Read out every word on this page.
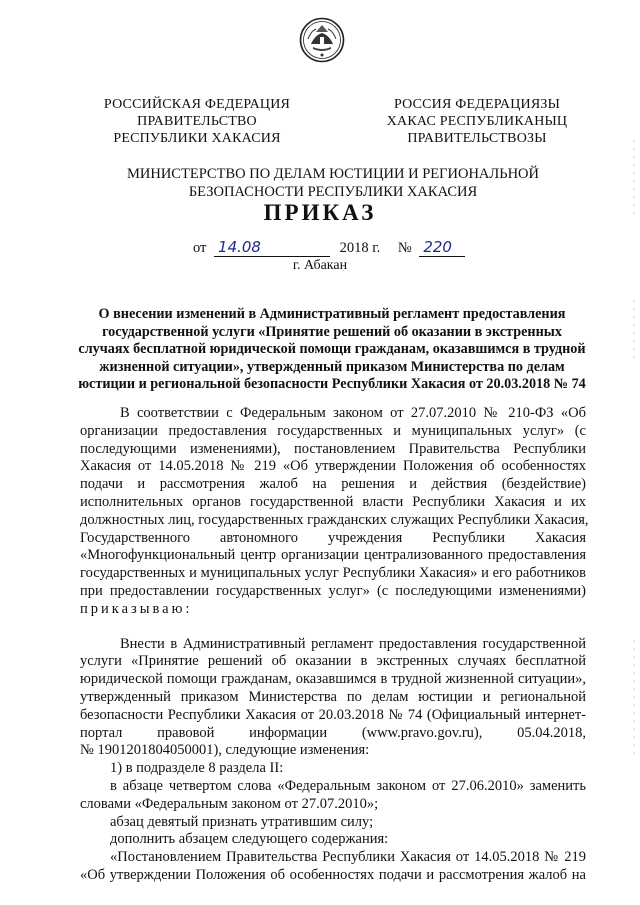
РОССИЙСКАЯ ФЕДЕРАЦИЯ
ПРАВИТЕЛЬСТВО
РЕСПУБЛИКИ ХАКАСИЯ
РОССИЯ ФЕДЕРАЦИЯЗЫ
ХАКАС РЕСПУБЛИКАНЫЦ
ПРАВИТЕЛЬСТВОЗЫ
МИНИСТЕРСТВО ПО ДЕЛАМ ЮСТИЦИИ И РЕГИОНАЛЬНОЙ
БЕЗОПАСНОСТИ РЕСПУБЛИКИ ХАКАСИЯ
ПРИКАЗ
от 14.08	2018 г. № 220
г. Абакан
О внесении изменений в Административный регламент предоставления
государственной услуги «Принятие решений об оказании в экстренных
случаях бесплатной юридической помощи гражданам, оказавшимся в трудной
жизненной ситуации», утвержденный приказом Министерства по делам
юстиции и региональной безопасности Республики Хакасия от 20.03.2018 № 74
В соответствии с Федеральным законом от 27.07.2010 № 210-ФЗ «Об
организации предоставления государственных и муниципальных услуг» (с
последующими изменениями), постановлением Правительства Республики
Хакасия от 14.05.2018 № 219 «Об утверждении Положения об особенностях
подачи и рассмотрения жалоб на решения и действия (бездействие)
исполнительных органов государственной власти Республики Хакасия и их
должностных лиц, государственных гражданских служащих Республики Хакасия,
Государственного автономного учреждения Республики Хакасия
«Многофункциональный центр организации централизованного предоставления
государственных и муниципальных услуг Республики Хакасия» и его работников
при предоставлении государственных услуг» (с последующими изменениями)
приказываю:
Внести в Административный регламент предоставления государственной
услуги «Принятие решений об оказании в экстренных случаях бесплатной
юридической помощи гражданам, оказавшимся в трудной жизненной ситуации»,
утвержденный приказом Министерства по делам юстиции и региональной
безопасности Республики Хакасия от 20.03.2018 № 74 (Официальный интернет-
портал правовой информации (www.pravo.gov.ru), 05.04.2018,
№ 1901201804050001), следующие изменения:
1) в подразделе 8 раздела II:
в абзаце четвертом слова «Федеральным законом от 27.06.2010» заменить
словами «Федеральным законом от 27.07.2010»;
абзац девятый признать утратившим силу;
дополнить абзацем следующего содержания:
«Постановлением Правительства Республики Хакасия от 14.05.2018 № 219
«Об утверждении Положения об особенностях подачи и рассмотрения жалоб на
